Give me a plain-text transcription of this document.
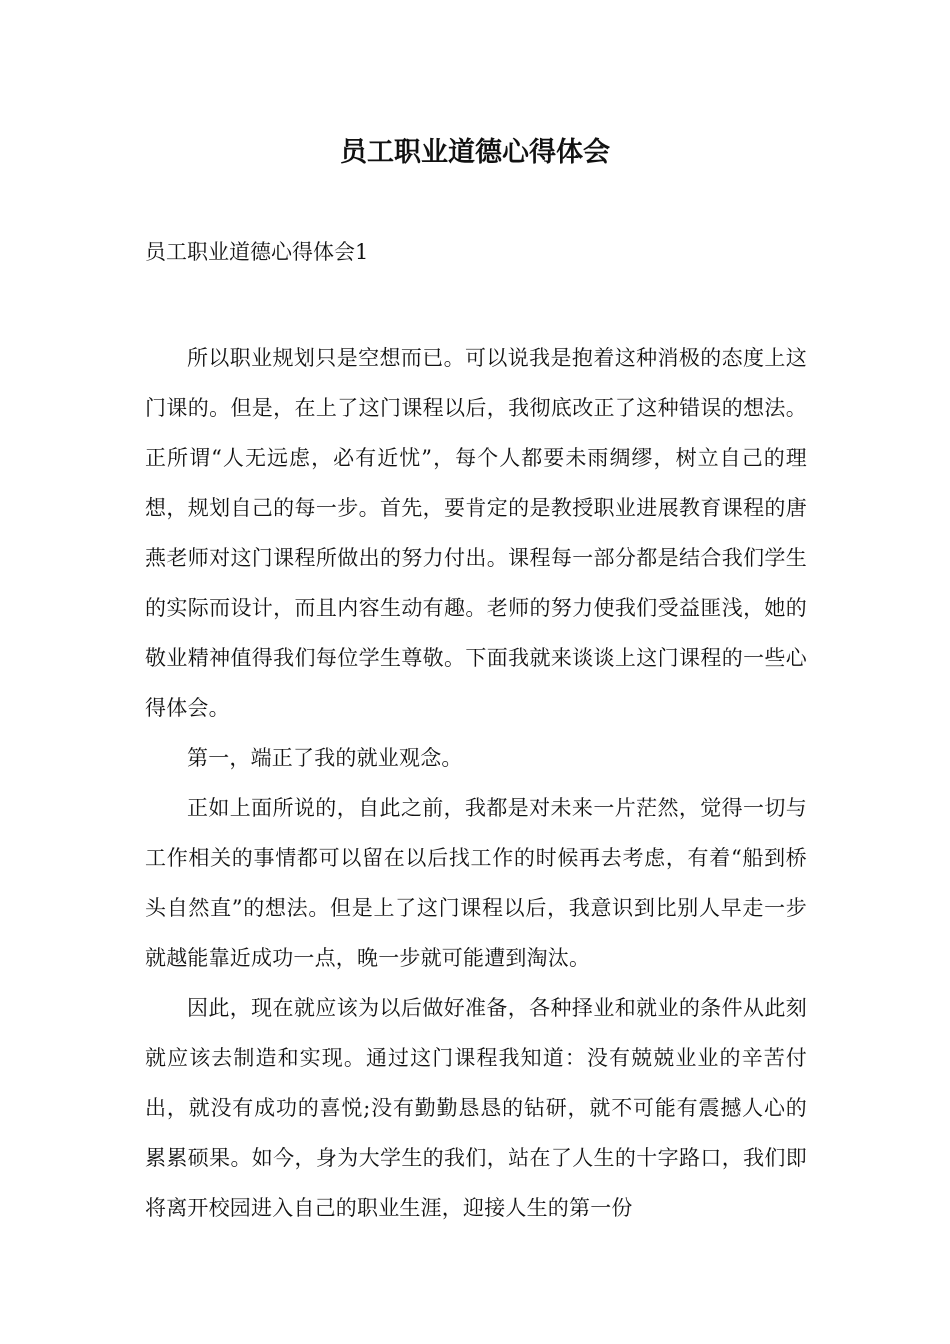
员工职业道德心得体会

员工职业道德心得体会1

所以职业规划只是空想而已。可以说我是抱着这种消极的态度上这门课的。但是，在上了这门课程以后，我彻底改正了这种错误的想法。正所谓“人无远虑，必有近忧”，每个人都要未雨绸缪，树立自己的理想，规划自己的每一步。首先，要肯定的是教授职业进展教育课程的唐燕老师对这门课程所做出的努力付出。课程每一部分都是结合我们学生的实际而设计，而且内容生动有趣。老师的努力使我们受益匪浅，她的敬业精神值得我们每位学生尊敬。下面我就来谈谈上这门课程的一些心得体会。

第一，端正了我的就业观念。

正如上面所说的，自此之前，我都是对未来一片茫然，觉得一切与工作相关的事情都可以留在以后找工作的时候再去考虑，有着“船到桥头自然直”的想法。但是上了这门课程以后，我意识到比别人早走一步就越能靠近成功一点，晚一步就可能遭到淘汰。

因此，现在就应该为以后做好准备，各种择业和就业的条件从此刻就应该去制造和实现。通过这门课程我知道：没有兢兢业业的辛苦付出，就没有成功的喜悦;没有勤勤恳恳的钻研，就不可能有震撼人心的累累硕果。如今，身为大学生的我们，站在了人生的十字路口，我们即将离开校园进入自己的职业生涯，迎接人生的第一份
